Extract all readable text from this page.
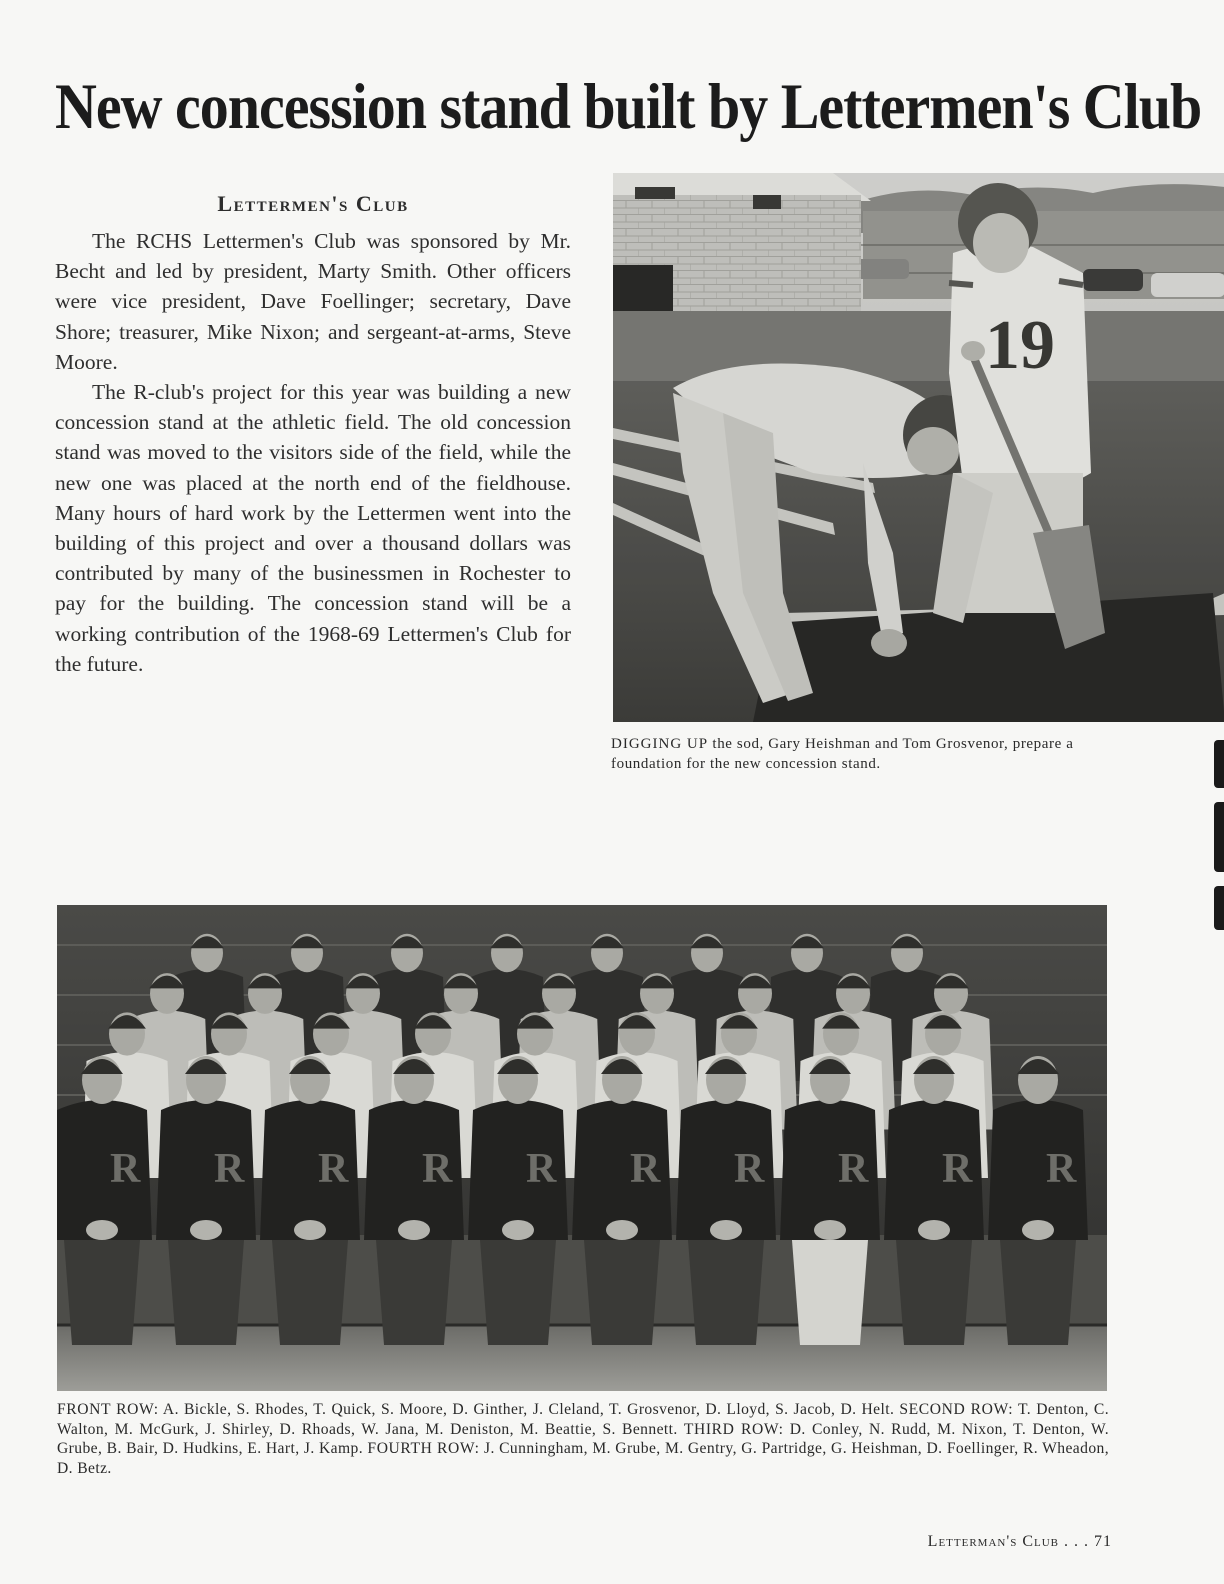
New concession stand built by Lettermen's Club
Lettermen's Club

The RCHS Lettermen's Club was sponsored by Mr. Becht and led by president, Marty Smith. Other officers were vice president, Dave Foellinger; secretary, Dave Shore; treasurer, Mike Nixon; and sergeant-at-arms, Steve Moore.

The R-club's project for this year was building a new concession stand at the athletic field. The old concession stand was moved to the visitors side of the field, while the new one was placed at the north end of the fieldhouse. Many hours of hard work by the Lettermen went into the building of this project and over a thousand dollars was contributed by many of the businessmen in Rochester to pay for the building. The concession stand will be a working contribution of the 1968-69 Lettermen's Club for the future.

19

DIGGING UP the sod, Gary Heishman and Tom Grosvenor, prepare a foundation for the new concession stand.

R R R R R R R R R R

FRONT ROW: A. Bickle, S. Rhodes, T. Quick, S. Moore, D. Ginther, J. Cleland, T. Grosvenor, D. Lloyd, S. Jacob, D. Helt. SECOND ROW: T. Denton, C. Walton, M. McGurk, J. Shirley, D. Rhoads, W. Jana, M. Deniston, M. Beattie, S. Bennett. THIRD ROW: D. Conley, N. Rudd, M. Nixon, T. Denton, W. Grube, B. Bair, D. Hudkins, E. Hart, J. Kamp. FOURTH ROW: J. Cunningham, M. Grube, M. Gentry, G. Partridge, G. Heishman, D. Foellinger, R. Wheadon, D. Betz.

Letterman's Club . . . 71
